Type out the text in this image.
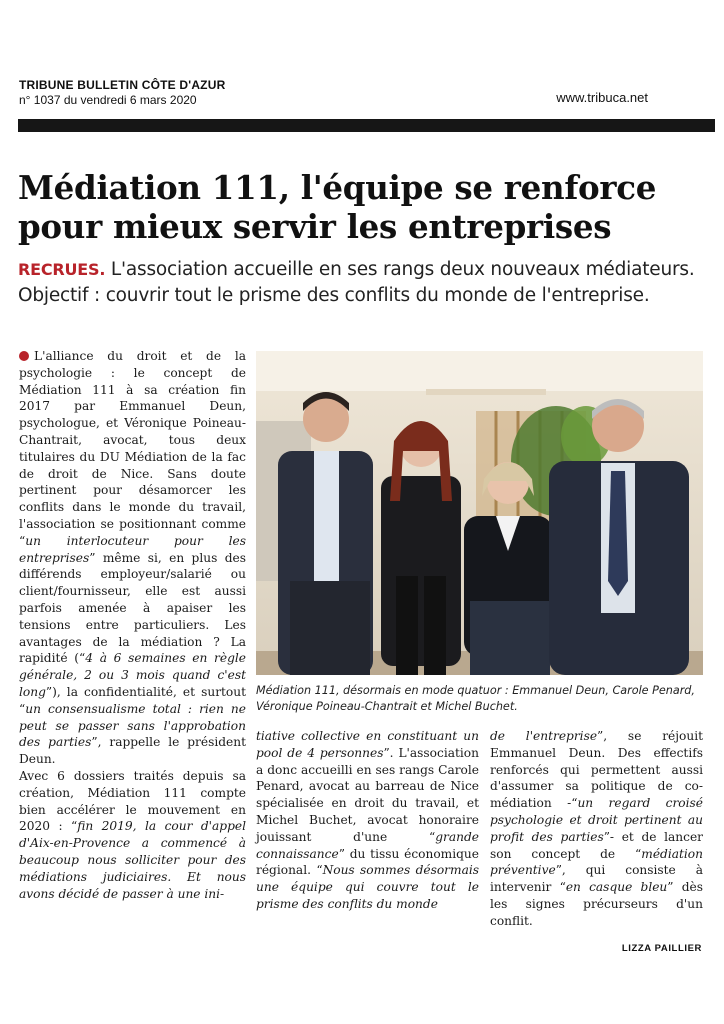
TRIBUNE BULLETIN CÔTE D'AZUR
n° 1037 du vendredi 6 mars 2020	www.tribuca.net
Médiation 111, l'équipe se renforce
pour mieux servir les entreprises
RECRUES. L'association accueille en ses rangs deux nouveaux médiateurs. Objectif : couvrir tout le prisme des conflits du monde de l'entreprise.

L'alliance du droit et de la psychologie : le concept de Médiation 111 à sa création fin 2017 par Emmanuel Deun, psychologue, et Véronique Poineau-Chantrait, avocat, tous deux titulaires du DU Médiation de la fac de droit de Nice. Sans doute pertinent pour désamorcer les conflits dans le monde du travail, l'association se positionnant comme “un interlocuteur pour les entreprises” même si, en plus des différends employeur/salarié ou client/fournisseur, elle est aussi parfois amenée à apaiser les tensions entre particuliers. Les avantages de la médiation ? La rapidité (“4 à 6 semaines en règle générale, 2 ou 3 mois quand c'est long”), la confidentialité, et surtout “un consensualisme total : rien ne peut se passer sans l'approbation des parties”, rappelle le président Deun.

Avec 6 dossiers traités depuis sa création, Médiation 111 compte bien accélérer le mouvement en 2020 : “fin 2019, la cour d'appel d'Aix-en-Provence a commencé à beaucoup nous solliciter pour des médiations judiciaires. Et nous avons décidé de passer à une ini-

Médiation 111, désormais en mode quatuor : Emmanuel Deun, Carole Penard, Véronique Poineau-Chantrait et Michel Buchet.

tiative collective en constituant un pool de 4 personnes”. L'association a donc accueilli en ses rangs Carole Penard, avocat au barreau de Nice spécialisée en droit du travail, et Michel Buchet, avocat honoraire jouissant d'une “grande connaissance” du tissu économique régional. “Nous sommes désormais une équipe qui couvre tout le prisme des conflits du monde

de l'entreprise”, se réjouit Emmanuel Deun. Des effectifs renforcés qui permettent aussi d'assumer sa politique de co-médiation -“un regard croisé psychologie et droit pertinent au profit des parties”- et de lancer son concept de “médiation préventive”, qui consiste à intervenir “en casque bleu” dès les signes précurseurs d'un conflit.

LIZZA PAILLIER
